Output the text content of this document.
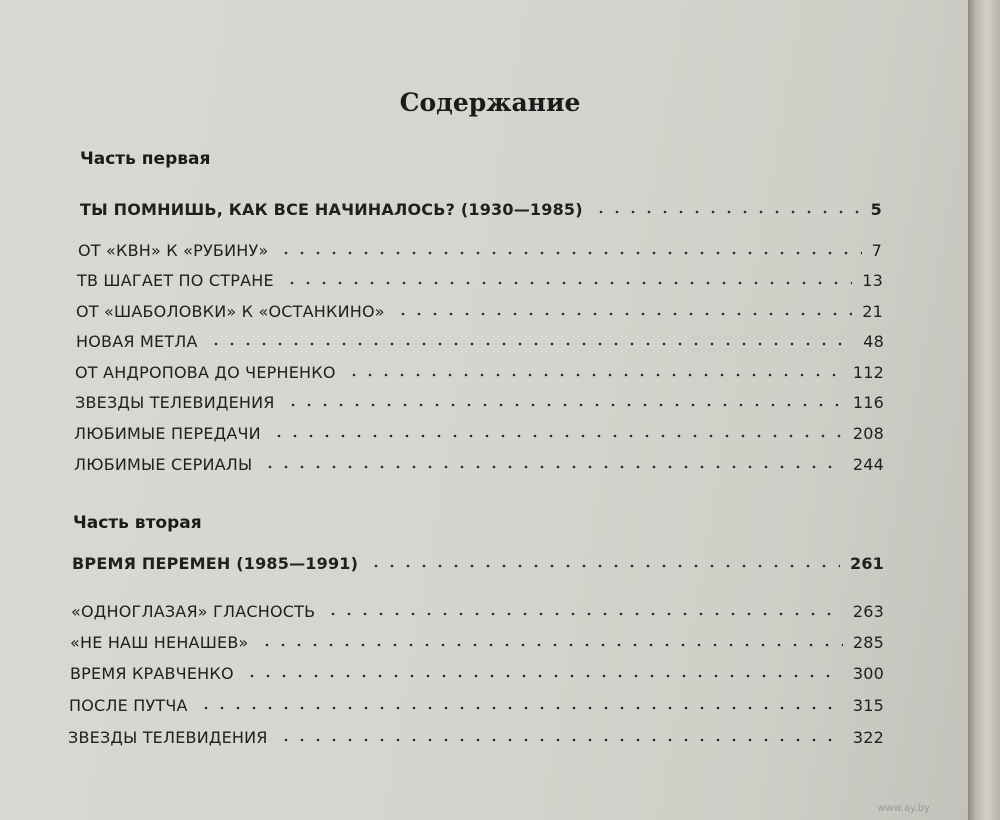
Содержание
Часть первая
ТЫ ПОМНИШЬ, КАК ВСЕ НАЧИНАЛОСЬ? (1930—1985)	5
ОТ «КВН» К «РУБИНУ»	7
ТВ ШАГАЕТ ПО СТРАНЕ	13
ОТ «ШАБОЛОВКИ» К «ОСТАНКИНО»	21
НОВАЯ МЕТЛА	48
ОТ АНДРОПОВА ДО ЧЕРНЕНКО	112
ЗВЕЗДЫ ТЕЛЕВИДЕНИЯ	116
ЛЮБИМЫЕ ПЕРЕДАЧИ	208
ЛЮБИМЫЕ СЕРИАЛЫ	244
Часть вторая
ВРЕМЯ ПЕРЕМЕН (1985—1991)	261
«ОДНОГЛАЗАЯ» ГЛАСНОСТЬ	263
«НЕ НАШ НЕНАШЕВ»	285
ВРЕМЯ КРАВЧЕНКО	300
ПОСЛЕ ПУТЧА	315
ЗВЕЗДЫ ТЕЛЕВИДЕНИЯ	322
www.ay.by
